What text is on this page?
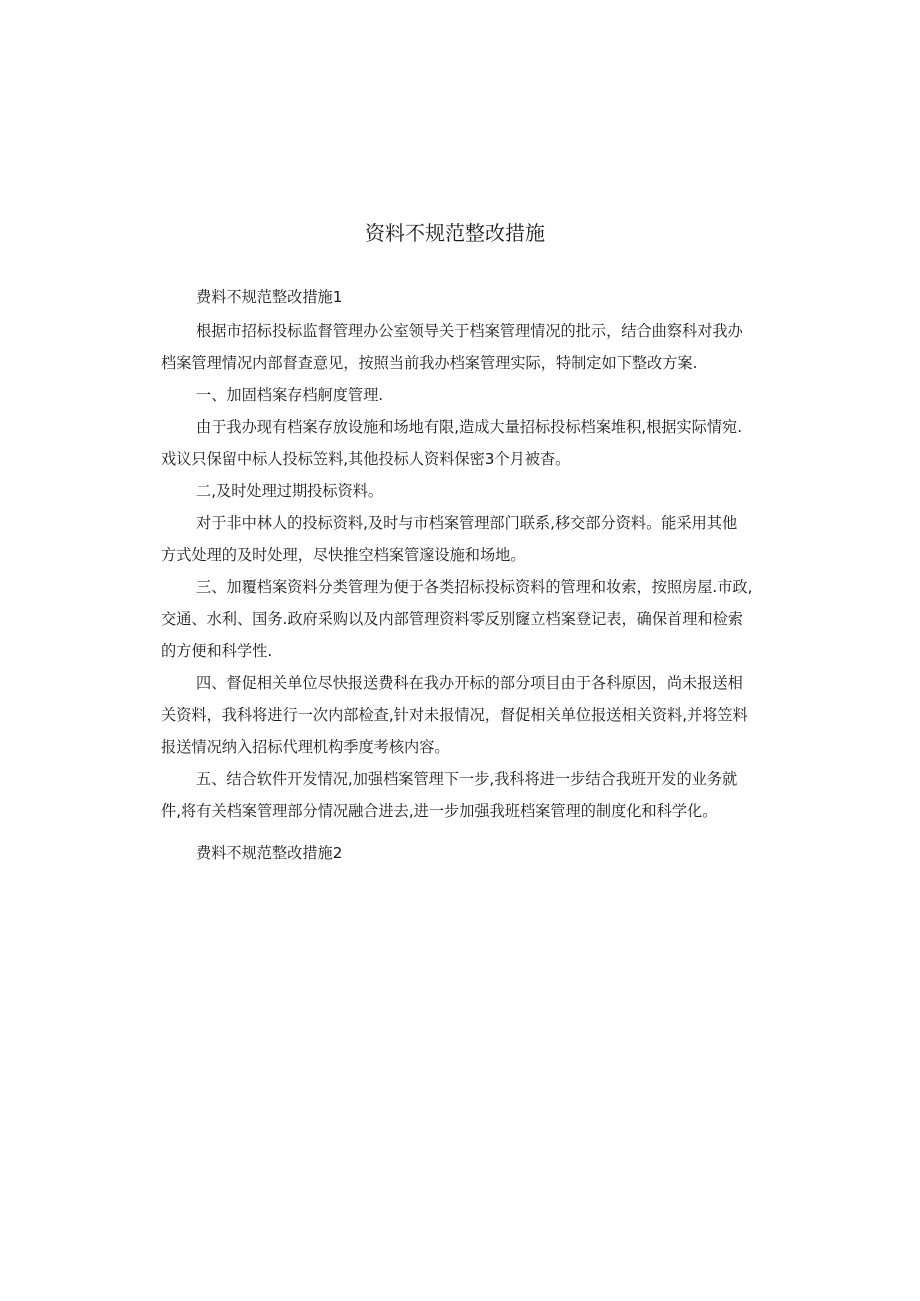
资料不规范整改措施
费料不规范整改措施1
根据市招标投标监督管理办公室领导关于档案管理情况的批示，结合曲察科对我办
档案管理情况内部督查意见，按照当前我办档案管理实际，特制定如下整改方案.
一、加固档案存档舸度管理.
由于我办现有档案存放设施和场地有限,造成大量招标投标档案堆积,根据实际情宛.
戏议只保留中标人投标笠料,其他投标人资料保密3个月被杳。
二,及时处理过期投标资料。
对于非中林人的投标资料,及时与市档案管理部门联系,移交部分资料。能采用其他
方式处理的及时处理，尽快推空档案管邃设施和场地。
三、加覆档案资料分类管理为便于各类招标投标资料的管理和妆索，按照房屋.市政,
交通、水利、国务.政府采购以及内部管理资料零反别窿立档案登记表，确保首理和检索
的方便和科学性.
四、督促相关单位尽快报送费科在我办开标的部分项目由于各科原因，尚未报送相
关资料，我科将进行一次内部检查,针对未报情况，督促相关单位报送相关资料,并将笠料
报送情况纳入招标代理机构季度考核内容。
五、结合软件开发情况,加强档案管理下一步,我科将进一步结合我班开发的业务就
件,将有关档案管理部分情况融合进去,进一步加强我班档案管理的制度化和科学化。
费料不规范整改措施2
